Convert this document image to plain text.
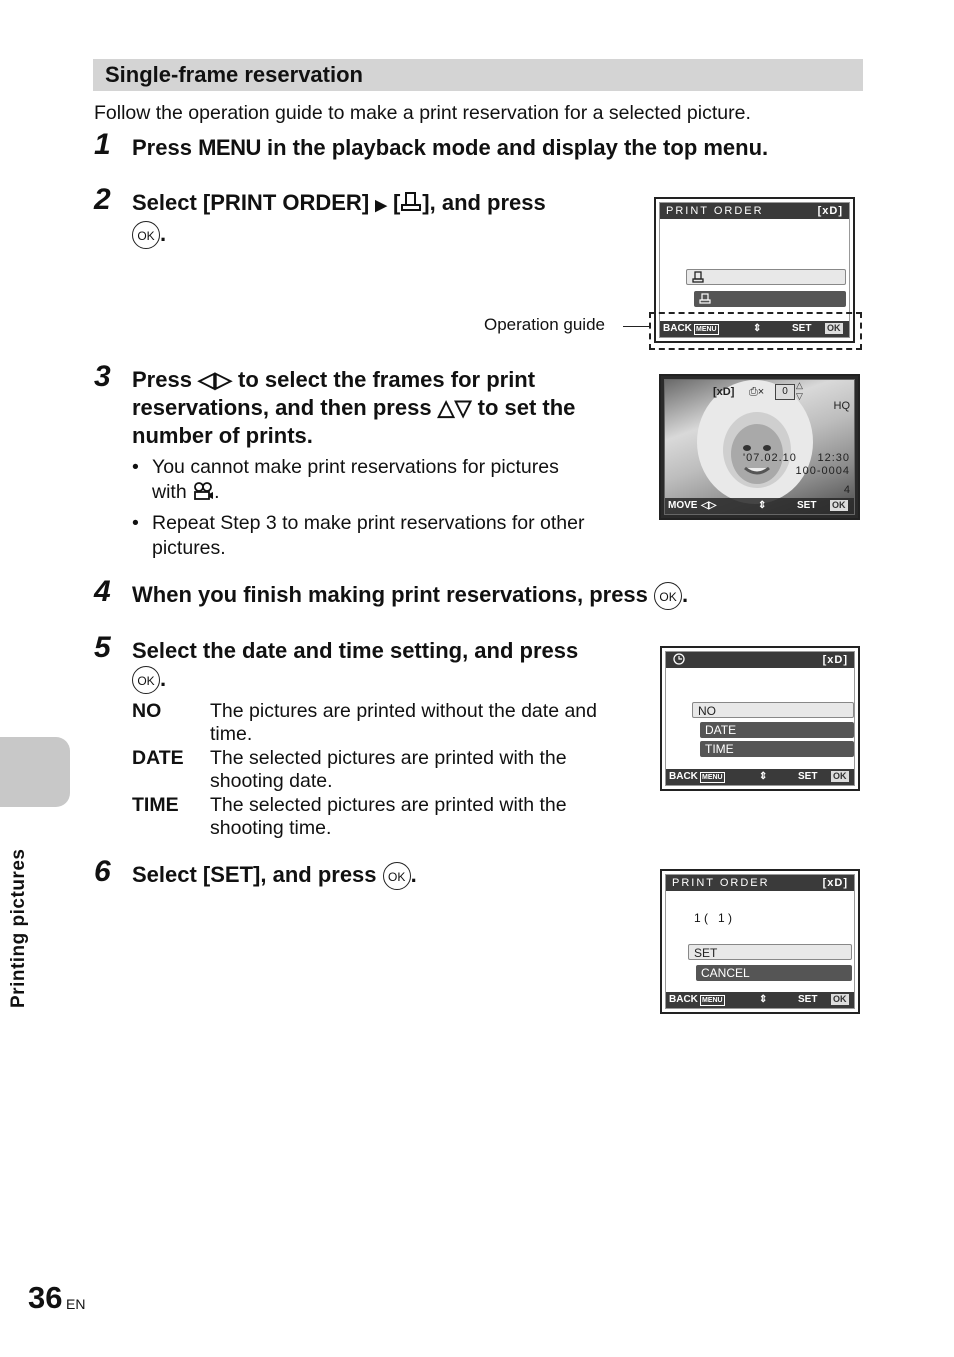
Single-frame reservation
Follow the operation guide to make a print reservation for a selected picture.
1 Press MENU in the playback mode and display the top menu.
2 Select [PRINT ORDER] ▶ [ ], and press
OK .
PRINT ORDER	[xD]
BACK MENU	⇕	SET OK
Operation guide
3 Press ◁▷ to select the frames for print
reservations, and then press △▽ to set the
number of prints.
• You cannot make print reservations for pictures
with .
• Repeat Step 3 to make print reservations for other
pictures.
[xD] ⎙×	0
△
▽
HQ
'07.02.10 12:30
100-0004
4
MOVE ◁▷	⇕	SET OK
4 When you finish making print reservations, press OK .
5 Select the date and time setting, and press
OK .
NO	The pictures are printed without the date and
time.
DATE The selected pictures are printed with the
shooting date.
TIME The selected pictures are printed with the
shooting time.
[xD]
NO
DATE
TIME
BACK MENU	⇕	SET OK
6 Select [SET], and press OK .	PRINT ORDER	[xD]
1 (   1 )
SET
CANCEL
BACK MENU	⇕	SET OK
Printing pictures
36 EN
